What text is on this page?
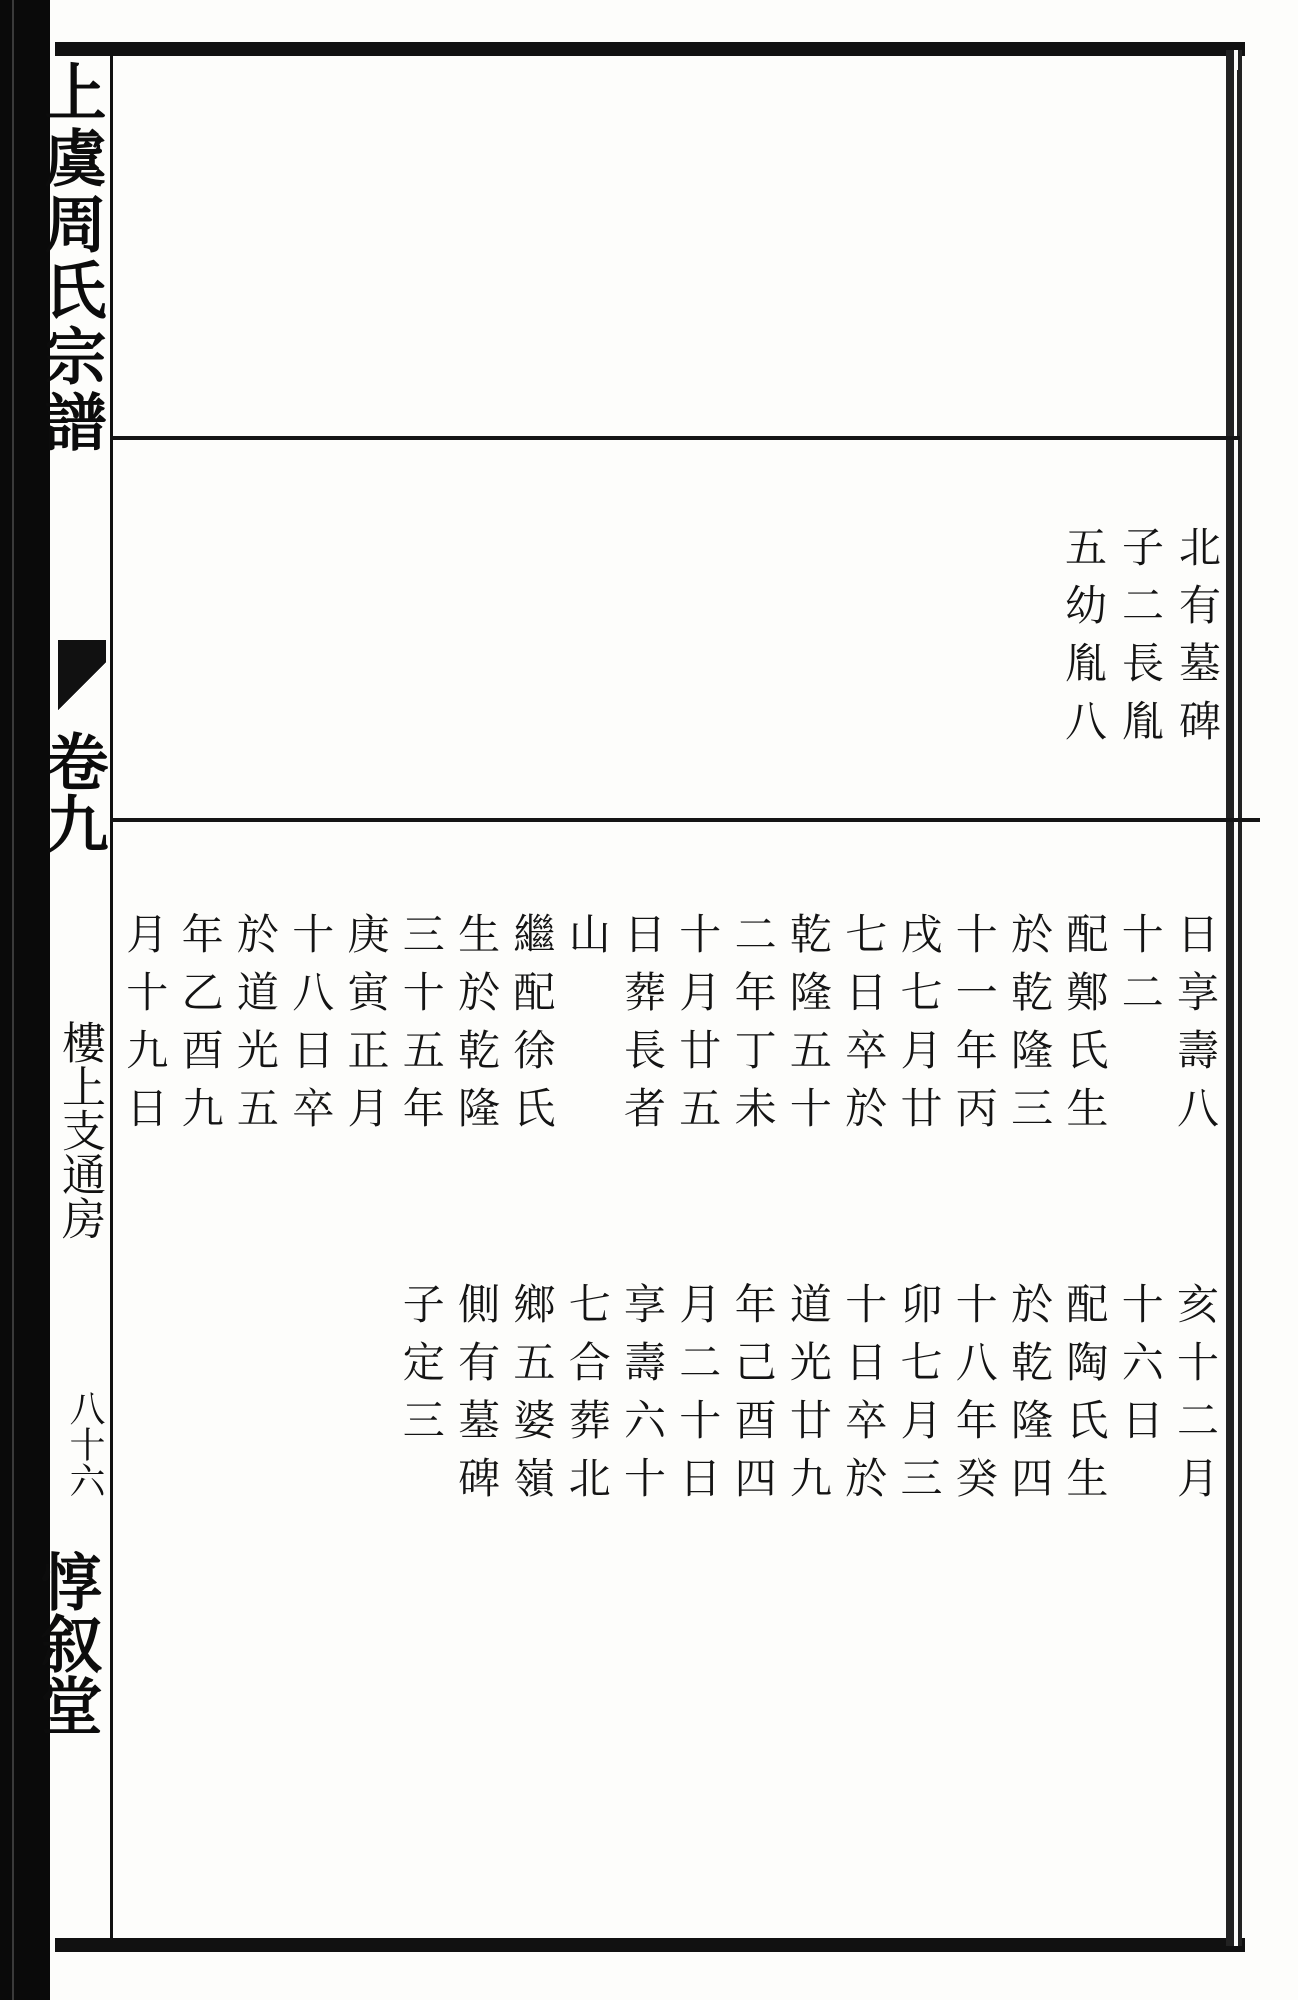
上虞周氏宗譜
卷九
樓上支通房
八十六
惇叙堂
北有墓碑
子二長胤
五幼胤八
日享壽八
十二
配鄭氏生
於乾隆三
十一年丙
戌七月廿
七日卒於
乾隆五十
二年丁未
十月廿五
日葬長者
山
繼配徐氏
生於乾隆
三十五年
庚寅正月
十八日卒
於道光五
年乙酉九
月十九日
亥十二月
十六日
配陶氏生
於乾隆四
十八年癸
卯七月三
十日卒於
道光廿九
年己酉四
月二十日
享壽六十
七合葬北
鄉五婆嶺
側有墓碑
子定三
